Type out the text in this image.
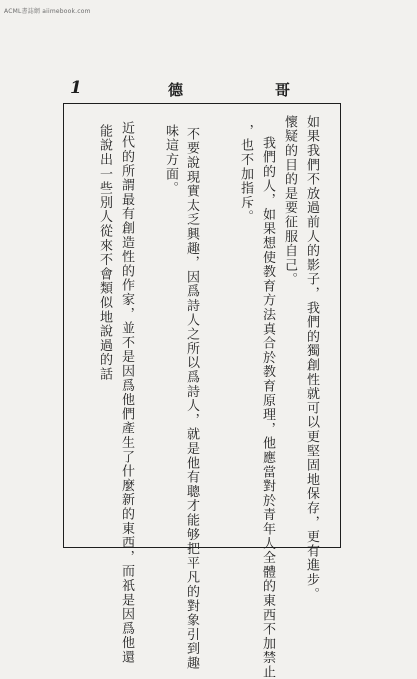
ACML書誌網 aiimebook.com
1	德	哥
如果我們不放過前人的影子，我們的獨創性就可以更堅固地保存，更有進步。
懷疑的目的是要征服自己。
我們的人，如果想使教育方法真合於教育原理，他應當對於青年人全體的東西不加禁止
，也不加指斥。
不要說現實太乏興趣，因爲詩人之所以爲詩人，就是他有聰才能够把平凡的對象引到趣
味這方面。
近代的所謂最有創造性的作家，並不是因爲他們產生了什麼新的東西，而祇是因爲他還
能說出一些別人從來不會類似地說過的話
